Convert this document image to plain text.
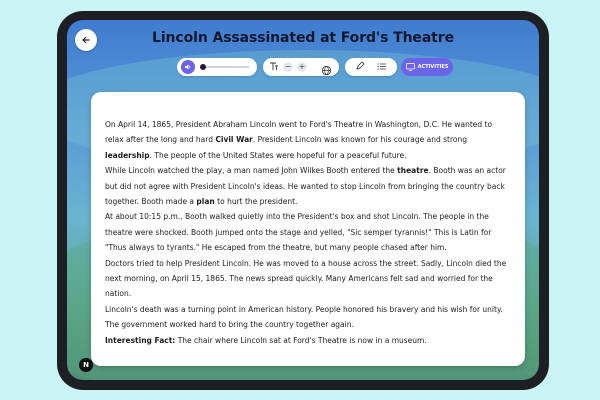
Lincoln Assassinated at Ford's Theatre
− +	ACTIVITIES

On April 14, 1865, President Abraham Lincoln went to Ford's Theatre in Washington, D.C. He wanted to relax after the long and hard Civil War. President Lincoln was known for his courage and strong leadership. The people of the United States were hopeful for a peaceful future.

While Lincoln watched the play, a man named John Wilkes Booth entered the theatre. Booth was an actor but did not agree with President Lincoln's ideas. He wanted to stop Lincoln from bringing the country back together. Booth made a plan to hurt the president.

At about 10:15 p.m., Booth walked quietly into the President's box and shot Lincoln. The people in the theatre were shocked. Booth jumped onto the stage and yelled, "Sic semper tyrannis!" This is Latin for "Thus always to tyrants." He escaped from the theatre, but many people chased after him.

Doctors tried to help President Lincoln. He was moved to a house across the street. Sadly, Lincoln died the next morning, on April 15, 1865. The news spread quickly. Many Americans felt sad and worried for the nation.

Lincoln's death was a turning point in American history. People honored his bravery and his wish for unity. The government worked hard to bring the country together again.

Interesting Fact: The chair where Lincoln sat at Ford's Theatre is now in a museum.

N
